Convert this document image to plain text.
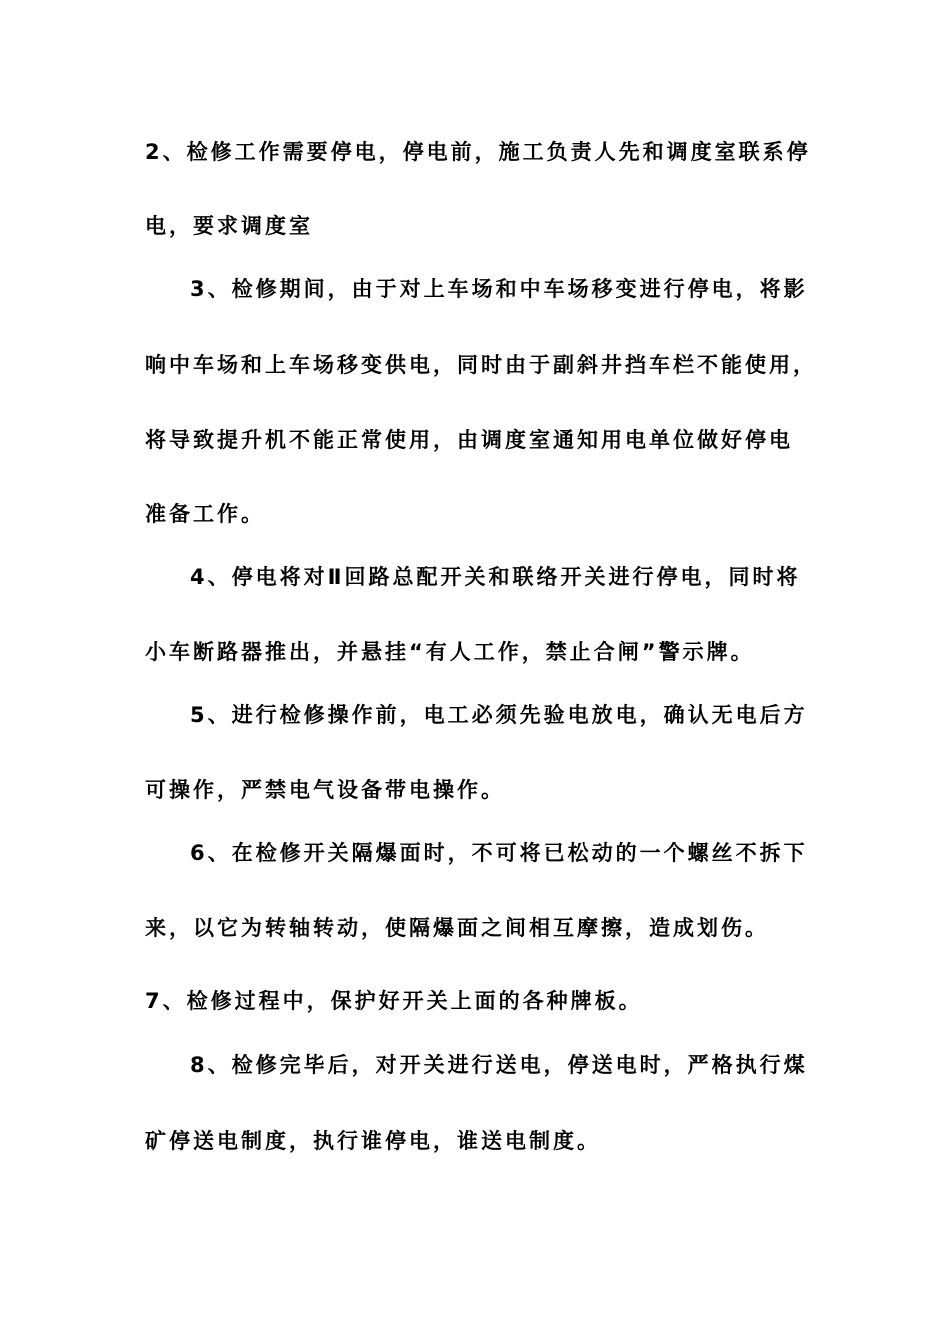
2、检修工作需要停电，停电前，施工负责人先和调度室联系停
电，要求调度室
3、检修期间，由于对上车场和中车场移变进行停电，将影
响中车场和上车场移变供电，同时由于副斜井挡车栏不能使用，
将导致提升机不能正常使用，由调度室通知用电单位做好停电
准备工作。
4、停电将对Ⅱ回路总配开关和联络开关进行停电，同时将
小车断路器推出，并悬挂“有人工作，禁止合闸”警示牌。
5、进行检修操作前，电工必须先验电放电，确认无电后方
可操作，严禁电气设备带电操作。
6、在检修开关隔爆面时，不可将已松动的一个螺丝不拆下
来，以它为转轴转动，使隔爆面之间相互摩擦，造成划伤。
7、检修过程中，保护好开关上面的各种牌板。
8、检修完毕后，对开关进行送电，停送电时，严格执行煤
矿停送电制度，执行谁停电，谁送电制度。
